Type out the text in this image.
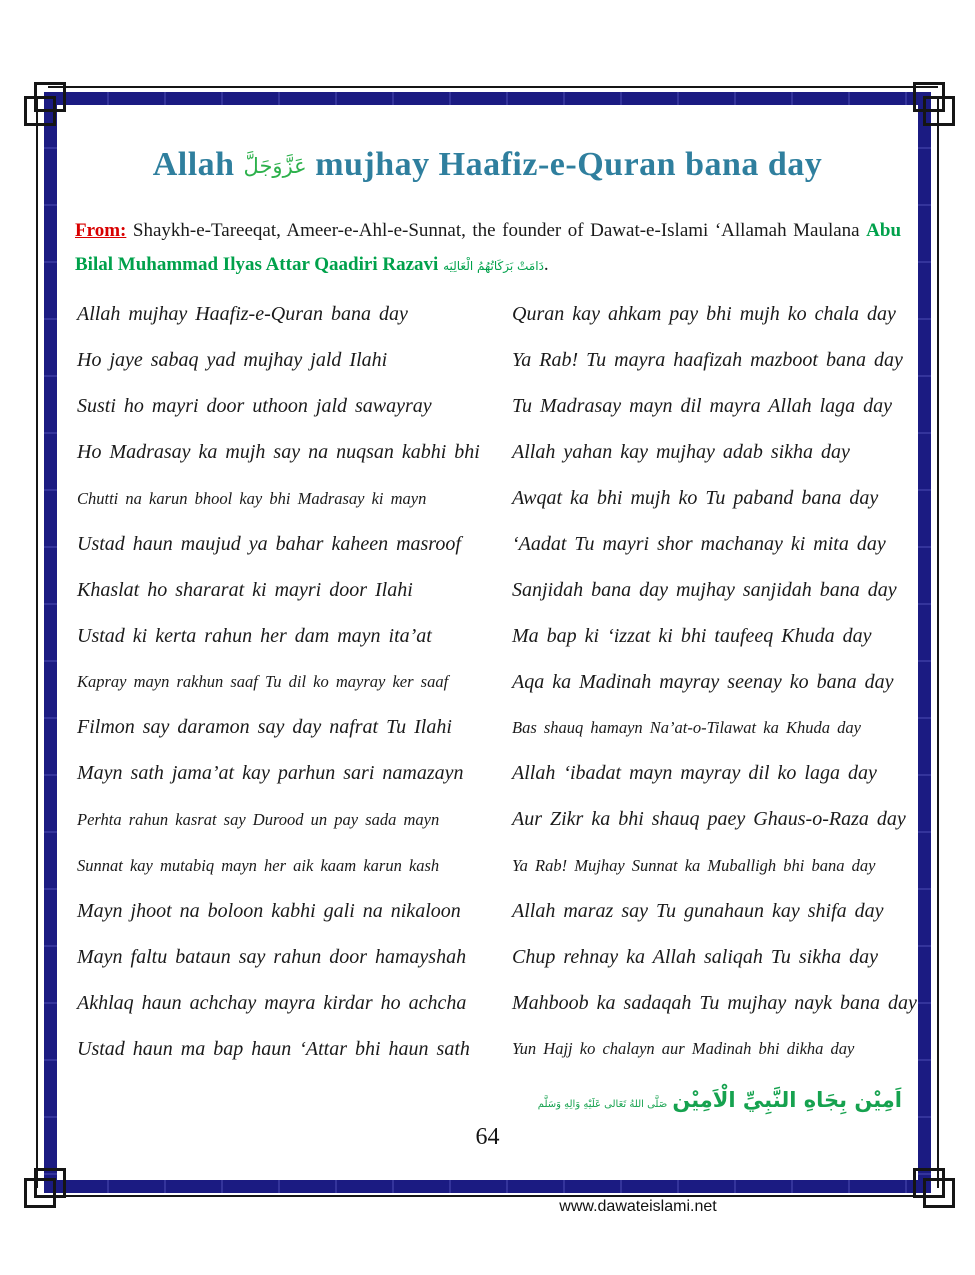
Allah عَزَّوَجَلَّ mujhay Haafiz-e-Quran bana day
From: Shaykh-e-Tareeqat, Ameer-e-Ahl-e-Sunnat, the founder of Dawat-e-Islami ‘Allamah Maulana Abu Bilal Muhammad Ilyas Attar Qaadiri Razavi دَامَتْ بَرَكَاتُهُمُ الْعَالِيَه.
Allah mujhay Haafiz-e-Quran bana day
Ho jaye sabaq yad mujhay jald Ilahi
Susti ho mayri door uthoon jald sawayray
Ho Madrasay ka mujh say na nuqsan kabhi bhi
Chutti na karun bhool kay bhi Madrasay ki mayn
Ustad haun maujud ya bahar kaheen masroof
Khaslat ho shararat ki mayri door Ilahi
Ustad ki kerta rahun her dam mayn ita’at
Kapray mayn rakhun saaf Tu dil ko mayray ker saaf
Filmon say daramon say day nafrat Tu Ilahi
Mayn sath jama’at kay parhun sari namazayn
Perhta rahun kasrat say Durood un pay sada mayn
Sunnat kay mutabiq mayn her aik kaam karun kash
Mayn jhoot na boloon kabhi gali na nikaloon
Mayn faltu bataun say rahun door hamayshah
Akhlaq haun achchay mayra kirdar ho achcha
Ustad haun ma bap haun ‘Attar bhi haun sath
Quran kay ahkam pay bhi mujh ko chala day
Ya Rab! Tu mayra haafizah mazboot bana day
Tu Madrasay mayn dil mayra Allah laga day
Allah yahan kay mujhay adab sikha day
Awqat ka bhi mujh ko Tu paband bana day
‘Aadat Tu mayri shor machanay ki mita day
Sanjidah bana day mujhay sanjidah bana day
Ma bap ki ‘izzat ki bhi taufeeq Khuda day
Aqa ka Madinah mayray seenay ko bana day
Bas shauq hamayn Na’at-o-Tilawat ka Khuda day
Allah ‘ibadat mayn mayray dil ko laga day
Aur Zikr ka bhi shauq paey Ghaus-o-Raza day
Ya Rab! Mujhay Sunnat ka Muballigh bhi bana day
Allah maraz say Tu gunahaun kay shifa day
Chup rehnay ka Allah saliqah Tu sikha day
Mahboob ka sadaqah Tu mujhay nayk bana day
Yun Hajj ko chalayn aur Madinah bhi dikha day
اَمِيْن بِجَاهِ النَّبِيِّ الْاَمِيْن صَلَّى اللهُ تَعَالى عَلَيْهِ وَالِهِ وَسَلَّم
64
www.dawateislami.net
